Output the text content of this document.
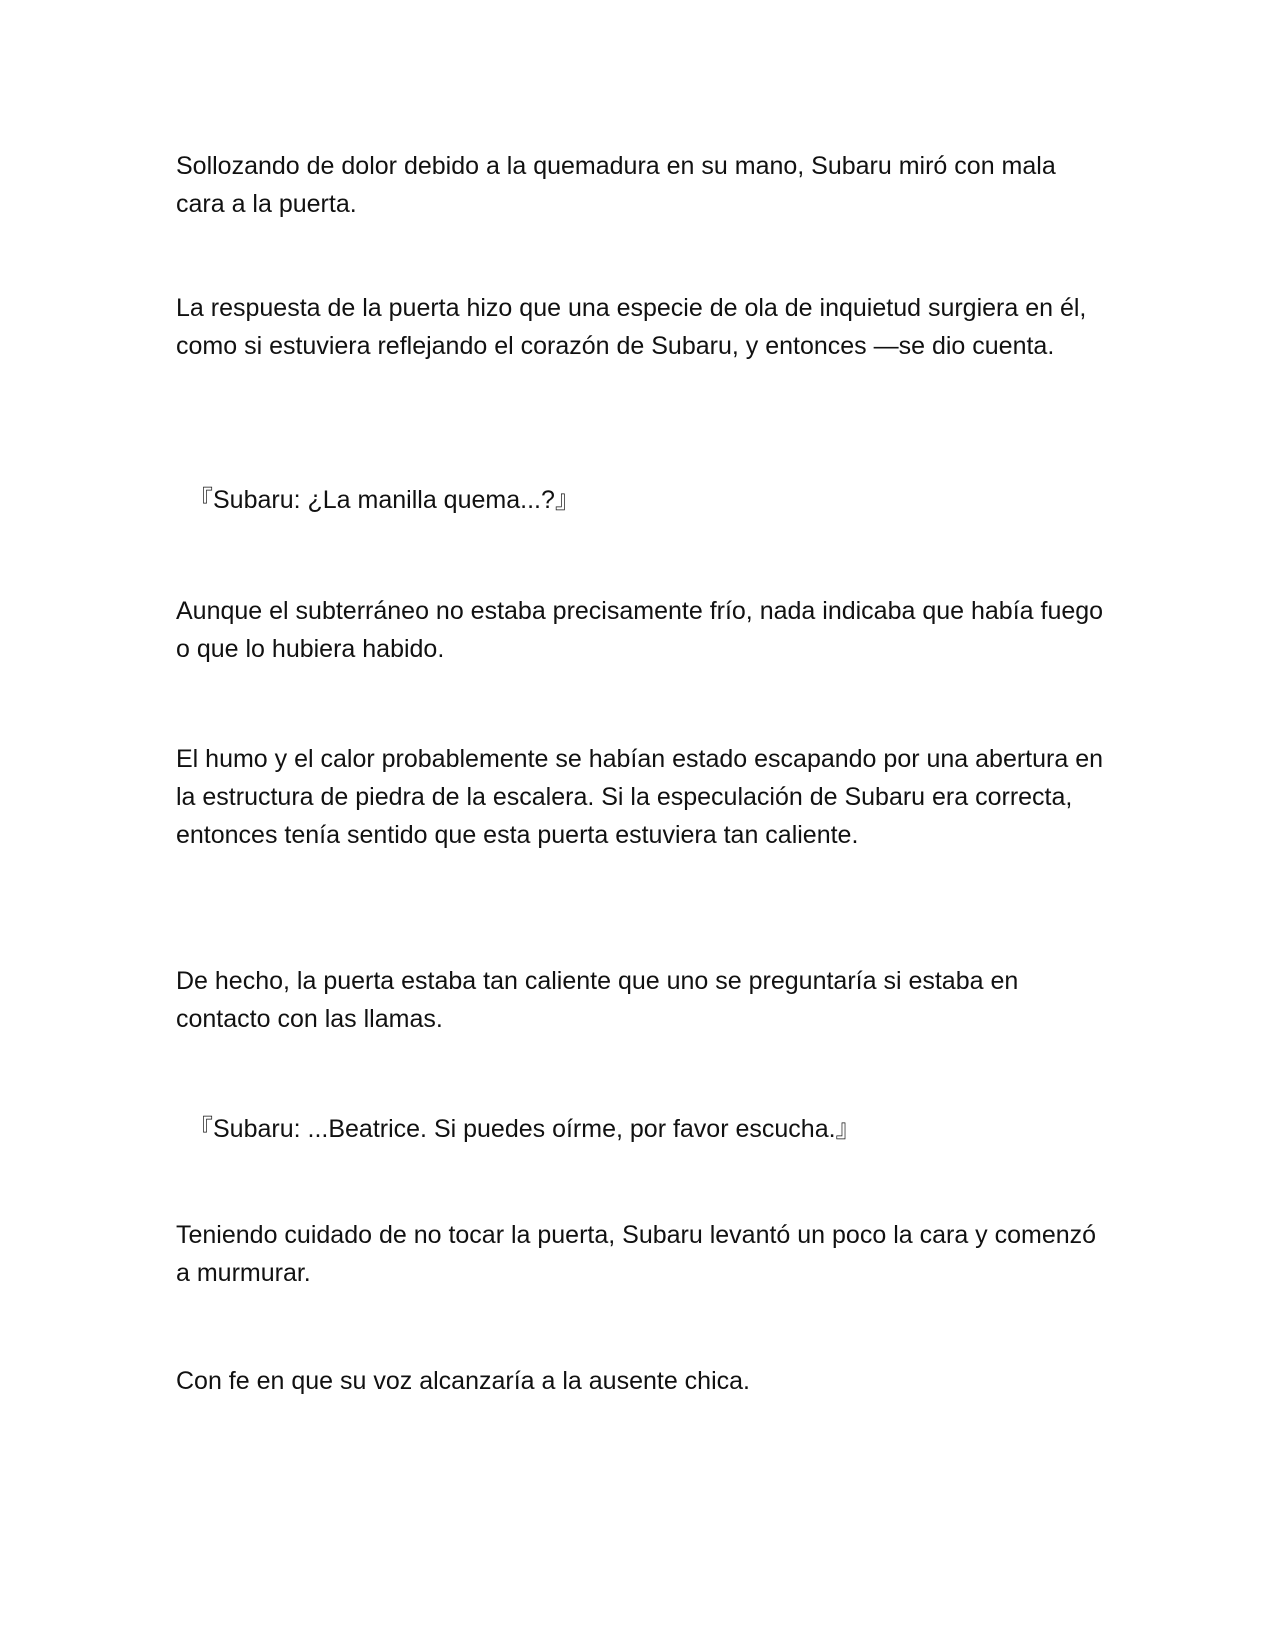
Sollozando de dolor debido a la quemadura en su mano, Subaru miró con mala cara a la puerta.

La respuesta de la puerta hizo que una especie de ola de inquietud surgiera en él, como si estuviera reflejando el corazón de Subaru, y entonces —se dio cuenta.

『Subaru: ¿La manilla quema...?』

Aunque el subterráneo no estaba precisamente frío, nada indicaba que había fuego o que lo hubiera habido.

El humo y el calor probablemente se habían estado escapando por una abertura en la estructura de piedra de la escalera. Si la especulación de Subaru era correcta, entonces tenía sentido que esta puerta estuviera tan caliente.

De hecho, la puerta estaba tan caliente que uno se preguntaría si estaba en contacto con las llamas.

『Subaru: ...Beatrice. Si puedes oírme, por favor escucha.』

Teniendo cuidado de no tocar la puerta, Subaru levantó un poco la cara y comenzó a murmurar.

Con fe en que su voz alcanzaría a la ausente chica.
